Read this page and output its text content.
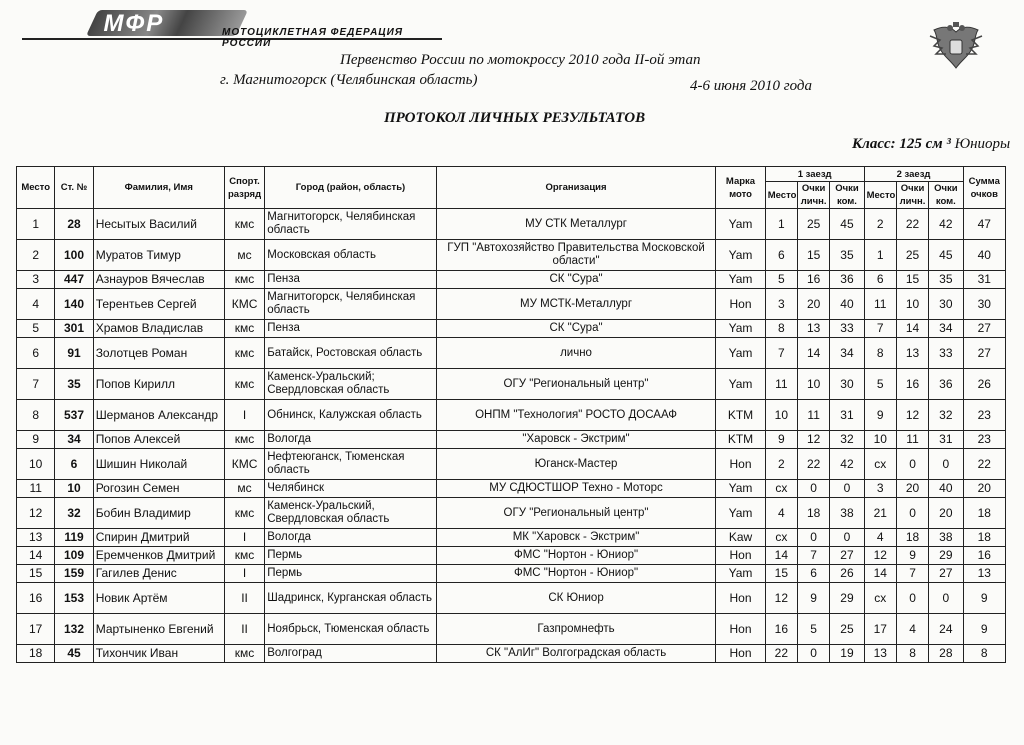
МФР	МОТОЦИКЛЕТНАЯ ФЕДЕРАЦИЯ РОССИИ
Первенство России по мотокроссу 2010 года II-ой этап
г. Магнитогорск (Челябинская область)	4-6 июня 2010 года
ПРОТОКОЛ ЛИЧНЫХ РЕЗУЛЬТАТОВ
Класс: 125 см ³ Юниоры
Место	Ст. №	Фамилия, Имя	Спорт. разряд	Город (район, область)	Организация	Марка мото	1 заезд			2 заезд			Сумма очков
							Место	Очки личн.	Очки ком.	Место	Очки личн.	Очки ком.	
1	28	Несытых Василий	кмс	Магнитогорск, Челябинская область	МУ СТК Металлург	Yam	1	25	45	2	22	42	47
2	100	Муратов Тимур	мс	Московская область	ГУП "Автохозяйство Правительства Московской области"	Yam	6	15	35	1	25	45	40
3	447	Азнауров Вячеслав	кмс	Пенза	СК "Сура"	Yam	5	16	36	6	15	35	31
4	140	Терентьев Сергей	КМС	Магнитогорск, Челябинская область	МУ МСТК-Металлург	Hon	3	20	40	11	10	30	30
5	301	Храмов Владислав	кмс	Пенза	СК "Сура"	Yam	8	13	33	7	14	34	27
6	91	Золотцев Роман	кмс	Батайск, Ростовская область	лично	Yam	7	14	34	8	13	33	27
7	35	Попов Кирилл	кмс	Каменск-Уральский; Свердловская область	ОГУ "Региональный центр"	Yam	11	10	30	5	16	36	26
8	537	Шерманов Александр	I	Обнинск, Калужская область	ОНПМ "Технология" РОСТО ДОСААФ	KTM	10	11	31	9	12	32	23
9	34	Попов Алексей	кмс	Вологда	"Харовск - Экстрим"	KTM	9	12	32	10	11	31	23
10	6	Шишин Николай	КМС	Нефтеюганск, Тюменская область	Юганск-Мастер	Hon	2	22	42	сх	0	0	22
11	10	Рогозин Семен	мс	Челябинск	МУ СДЮСТШОР Техно - Моторс	Yam	сх	0	0	3	20	40	20
12	32	Бобин Владимир	кмс	Каменск-Уральский, Свердловская область	ОГУ "Региональный центр"	Yam	4	18	38	21	0	20	18
13	119	Спирин Дмитрий	I	Вологда	МК "Харовск - Экстрим"	Kaw	сх	0	0	4	18	38	18
14	109	Еремченков Дмитрий	кмс	Пермь	ФМС "Нортон - Юниор"	Hon	14	7	27	12	9	29	16
15	159	Гагилев Денис	I	Пермь	ФМС "Нортон - Юниор"	Yam	15	6	26	14	7	27	13
16	153	Новик Артём	II	Шадринск, Курганская область	СК Юниор	Hon	12	9	29	сх	0	0	9
17	132	Мартыненко Евгений	II	Ноябрьск, Тюменская область	Газпромнефть	Hon	16	5	25	17	4	24	9
18	45	Тихончик Иван	кмс	Волгоград	СК "АлИг" Волгоградская область	Hon	22	0	19	13	8	28	8
